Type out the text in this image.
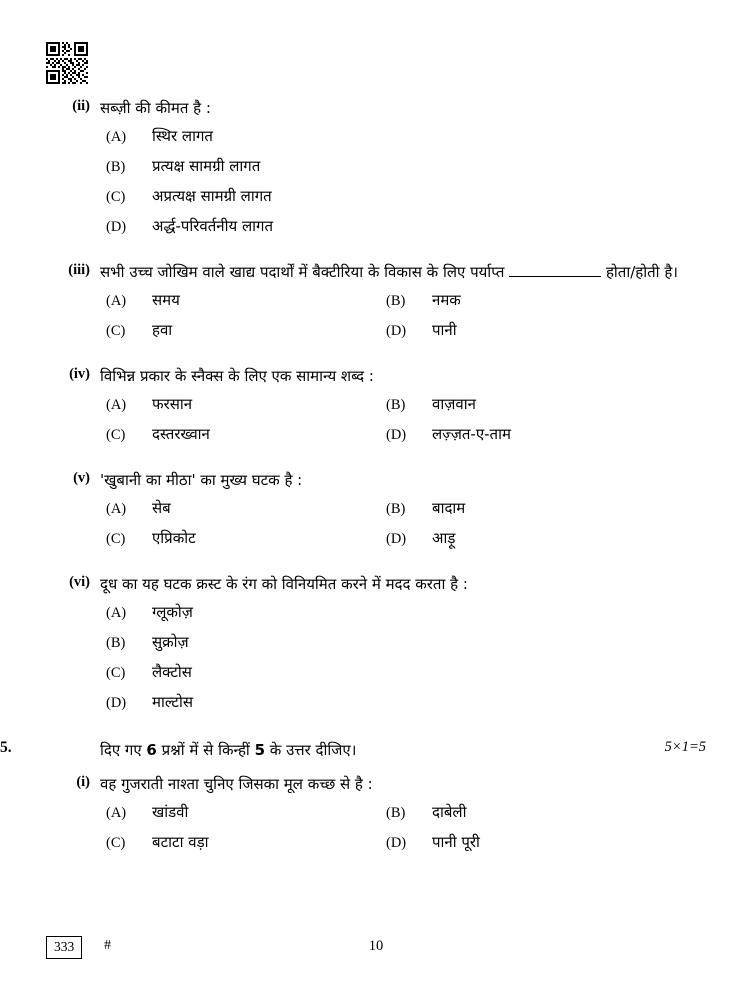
(ii) सब्ज़ी की कीमत है :
(A)	स्थिर लागत
(B)	प्रत्यक्ष सामग्री लागत
(C)	अप्रत्यक्ष सामग्री लागत
(D)	अर्द्ध-परिवर्तनीय लागत
(iii) सभी उच्च जोखिम वाले खाद्य पदार्थों में बैक्टीरिया के विकास के लिए पर्याप्त	होता/होती है।
(A)	समय	(B)	नमक
(C)	हवा	(D)	पानी
(iv) विभिन्न प्रकार के स्नैक्स के लिए एक सामान्य शब्द :
(A)	फरसान	(B)	वाज़वान
(C)	दस्तरख्वान	(D)	लज़्ज़त-ए-ताम
(v) 'खुबानी का मीठा' का मुख्य घटक है :
(A)	सेब	(B)	बादाम
(C)	एप्रिकोट	(D)	आड़ू
(vi) दूध का यह घटक क्रस्ट के रंग को विनियमित करने में मदद करता है :
(A)	ग्लूकोज़
(B)	सुक्रोज़
(C)	लैक्टोस
(D)	माल्टोस
5.	दिए गए 6 प्रश्नों में से किन्हीं 5 के उत्तर दीजिए।	5×1=5
(i) वह गुजराती नाश्ता चुनिए जिसका मूल कच्छ से है :
(A)	खांडवी	(B)	दाबेली
(C)	बटाटा वड़ा	(D)	पानी पूरी
333	#	10
